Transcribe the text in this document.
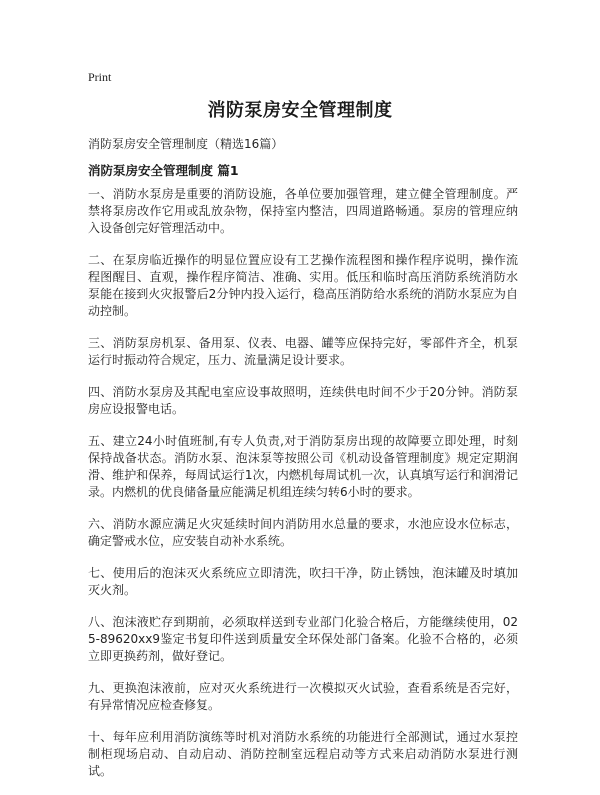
Print
消防泵房安全管理制度

消防泵房安全管理制度（精选16篇）

消防泵房安全管理制度 篇1

一、消防水泵房是重要的消防设施，各单位要加强管理，建立健全管理制度。严禁将泵房改作它用或乱放杂物，保持室内整洁，四周道路畅通。泵房的管理应纳入设备创完好管理活动中。

二、在泵房临近操作的明显位置应设有工艺操作流程图和操作程序说明，操作流程图醒目、直观，操作程序简洁、准确、实用。低压和临时高压消防系统消防水泵能在接到火灾报警后2分钟内投入运行，稳高压消防给水系统的消防水泵应为自动控制。

三、消防泵房机泵、备用泵、仪表、电器、罐等应保持完好，零部件齐全，机泵运行时振动符合规定，压力、流量满足设计要求。

四、消防水泵房及其配电室应设事故照明，连续供电时间不少于20分钟。消防泵房应设报警电话。

五、建立24小时值班制,有专人负责,对于消防泵房出现的故障要立即处理，时刻保持战备状态。消防水泵、泡沫泵等按照公司《机动设备管理制度》规定定期润滑、维护和保养，每周试运行1次，内燃机每周试机一次，认真填写运行和润滑记录。内燃机的优良储备量应能满足机组连续匀转6小时的要求。

六、消防水源应满足火灾延续时间内消防用水总量的要求，水池应设水位标志，确定警戒水位，应安装自动补水系统。

七、使用后的泡沫灭火系统应立即清洗，吹扫干净，防止锈蚀，泡沫罐及时填加灭火剂。

八、泡沫液贮存到期前，必须取样送到专业部门化验合格后，方能继续使用，025-89620xx9鉴定书复印件送到质量安全环保处部门备案。化验不合格的，必须立即更换药剂，做好登记。

九、更换泡沫液前，应对灭火系统进行一次模拟灭火试验，查看系统是否完好，有异常情况应检查修复。

十、每年应利用消防演练等时机对消防水系统的功能进行全部测试，通过水泵控制柜现场启动、自动启动、消防控制室远程启动等方式来启动消防水泵进行测试。
